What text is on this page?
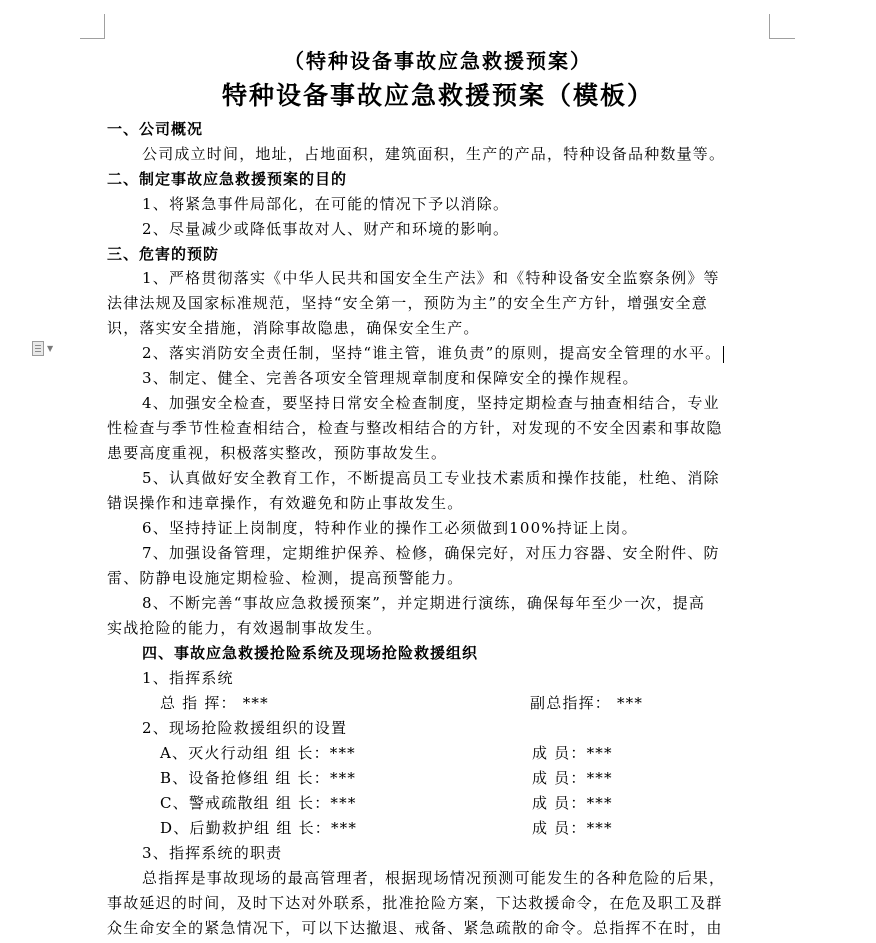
▼
（特种设备事故应急救援预案）
特种设备事故应急救援预案（模板）
一、公司概况
公司成立时间，地址，占地面积，建筑面积，生产的产品，特种设备品种数量等。
二、制定事故应急救援预案的目的
1、将紧急事件局部化，在可能的情况下予以消除。
2、尽量减少或降低事故对人、财产和环境的影响。
三、危害的预防
1、严格贯彻落实《中华人民共和国安全生产法》和《特种设备安全监察条例》等
法律法规及国家标准规范，坚持“安全第一，预防为主”的安全生产方针，增强安全意
识，落实安全措施，消除事故隐患，确保安全生产。
2、落实消防安全责任制，坚持“谁主管，谁负责”的原则，提高安全管理的水平。
3、制定、健全、完善各项安全管理规章制度和保障安全的操作规程。
4、加强安全检查，要坚持日常安全检查制度，坚持定期检查与抽查相结合，专业
性检查与季节性检查相结合，检查与整改相结合的方针，对发现的不安全因素和事故隐
患要高度重视，积极落实整改，预防事故发生。
5、认真做好安全教育工作，不断提高员工专业技术素质和操作技能，杜绝、消除
错误操作和违章操作，有效避免和防止事故发生。
6、坚持持证上岗制度，特种作业的操作工必须做到100%持证上岗。
7、加强设备管理，定期维护保养、检修，确保完好，对压力容器、安全附件、防
雷、防静电设施定期检验、检测，提高预警能力。
8、不断完善“事故应急救援预案”，并定期进行演练，确保每年至少一次，提高
实战抢险的能力，有效遏制事故发生。
四、事故应急救援抢险系统及现场抢险救援组织
1、指挥系统
总 指 挥： ***	副总指挥： ***
2、现场抢险救援组织的设置
A、灭火行动组 组 长：***	成 员：***
B、设备抢修组 组 长：***	成 员：***
C、警戒疏散组 组 长：***	成 员：***
D、后勤救护组 组 长：***	成 员：***
3、指挥系统的职责
总指挥是事故现场的最高管理者，根据现场情况预测可能发生的各种危险的后果，
事故延迟的时间，及时下达对外联系，批准抢险方案，下达救援命令，在危及职工及群
众生命安全的紧急情况下，可以下达撤退、戒备、紧急疏散的命令。总指挥不在时，由
